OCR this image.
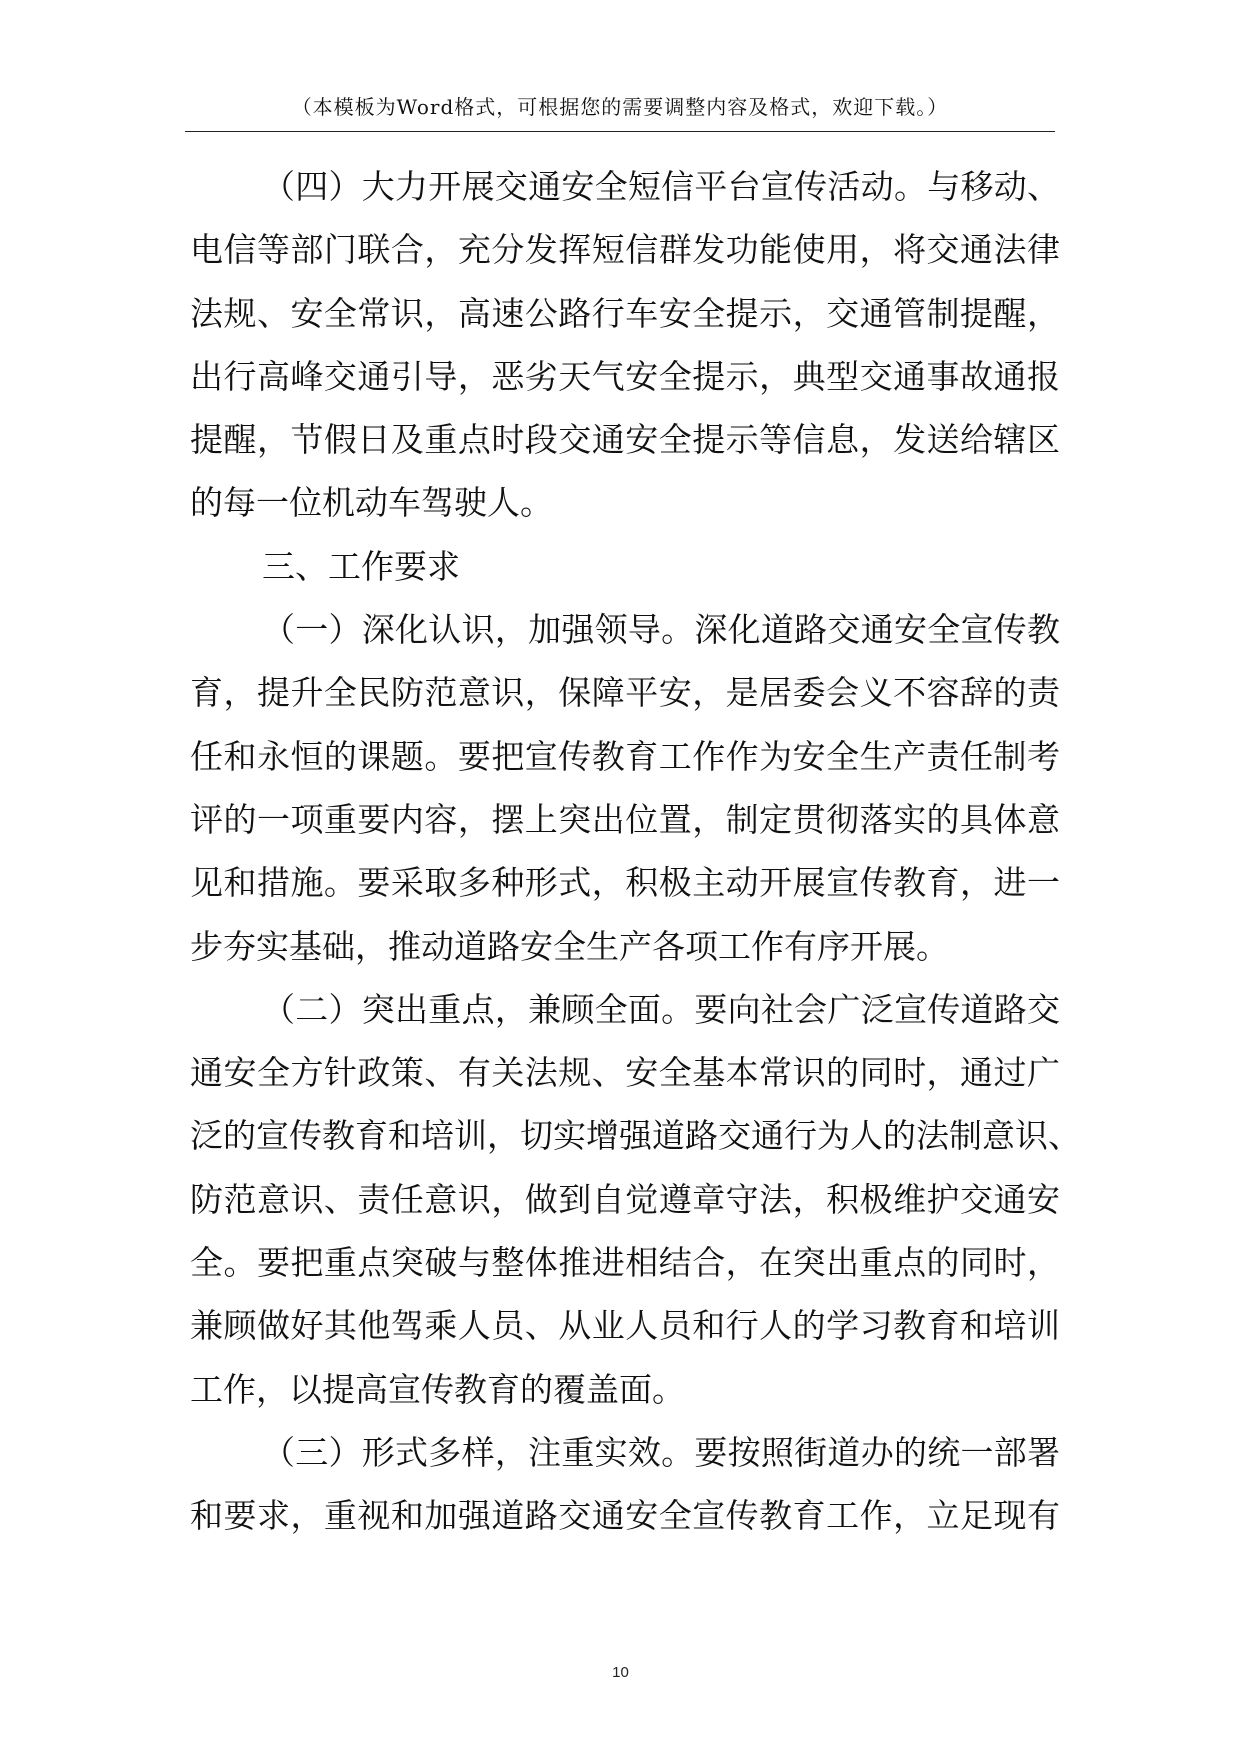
（本模板为Word格式，可根据您的需要调整内容及格式，欢迎下载。）
（四）大力开展交通安全短信平台宣传活动。与移动、
电信等部门联合，充分发挥短信群发功能使用，将交通法律
法规、安全常识，高速公路行车安全提示，交通管制提醒，
出行高峰交通引导，恶劣天气安全提示，典型交通事故通报
提醒，节假日及重点时段交通安全提示等信息，发送给辖区
的每一位机动车驾驶人。
三、工作要求
（一）深化认识，加强领导。深化道路交通安全宣传教
育，提升全民防范意识，保障平安，是居委会义不容辞的责
任和永恒的课题。要把宣传教育工作作为安全生产责任制考
评的一项重要内容，摆上突出位置，制定贯彻落实的具体意
见和措施。要采取多种形式，积极主动开展宣传教育，进一
步夯实基础，推动道路安全生产各项工作有序开展。
（二）突出重点，兼顾全面。要向社会广泛宣传道路交
通安全方针政策、有关法规、安全基本常识的同时，通过广
泛的宣传教育和培训，切实增强道路交通行为人的法制意识、
防范意识、责任意识，做到自觉遵章守法，积极维护交通安
全。要把重点突破与整体推进相结合，在突出重点的同时，
兼顾做好其他驾乘人员、从业人员和行人的学习教育和培训
工作，以提高宣传教育的覆盖面。
（三）形式多样，注重实效。要按照街道办的统一部署
和要求，重视和加强道路交通安全宣传教育工作，立足现有
10
